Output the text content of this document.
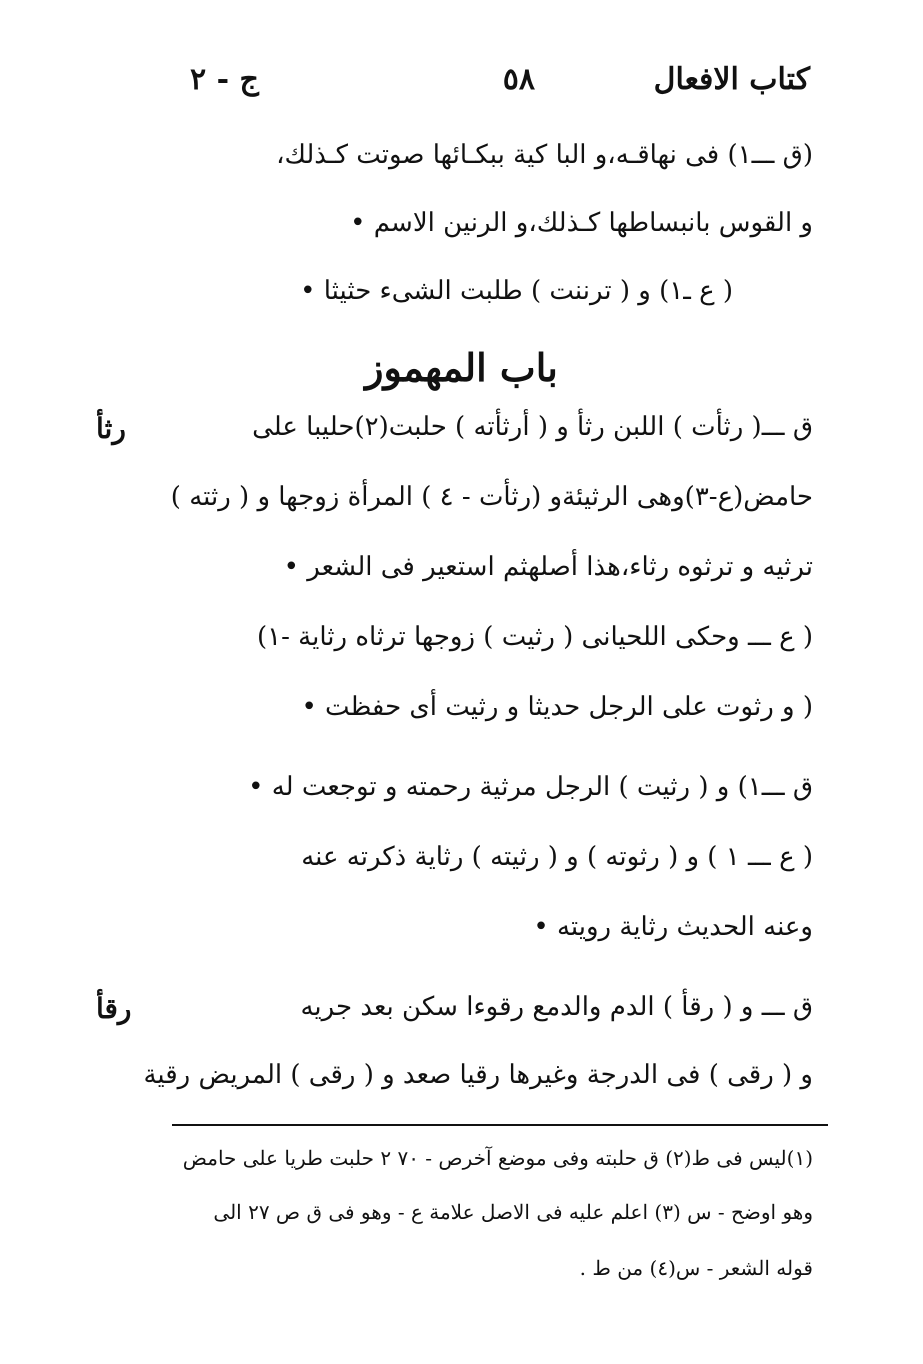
كتاب الافعال
٥٨
ج - ٢
(ق ـــ١) فى نهاقـه،و البا كية ببكـائها صوتت كـذلك،
و القوس بانبساطها كـذلك،و الرنين الاسم •
( ع ـ١) و ( ترننت ) طلبت الشىء حثيثا •
باب المهموز
رثأ	ق ـــ( رثأت ) اللبن رثأ و ( أرثأته ) حلبت(٢)حليبا على
حامض(ع-٣)وهى الرثيئةو (رثأت - ٤ ) المرأة زوجها و ( رثته )
ترثيه و ترثوه رثاء،هذا أصلهثم استعير فى الشعر •
( ع ـــ وحكى اللحيانى ( رثيت ) زوجها ترثاه رثاية -١)
( و رثوت على الرجل حديثا و رثيت أى حفظت •
ق ـــ١) و ( رثيت ) الرجل مرثية رحمته و توجعت له •
( ع ـــ ١ ) و ( رثوته ) و ( رثيته ) رثاية ذكرته عنه
وعنه الحديث رثاية رويته •
رقأ	ق ـــ و ( رقأ ) الدم والدمع رقوءا سكن بعد جريه
و ( رقى ) فى الدرجة وغيرها رقيا صعد و ( رقى ) المريض رقية
(١)ليس فى ط(٢) ق حلبته وفى موضع آخرص - ٧٠ ٢ حلبت طريا على حامض
وهو اوضح - س (٣) اعلم عليه فى الاصل علامة ع - وهو فى ق ص ٢٧ الى
قوله الشعر - س(٤) من ط .
